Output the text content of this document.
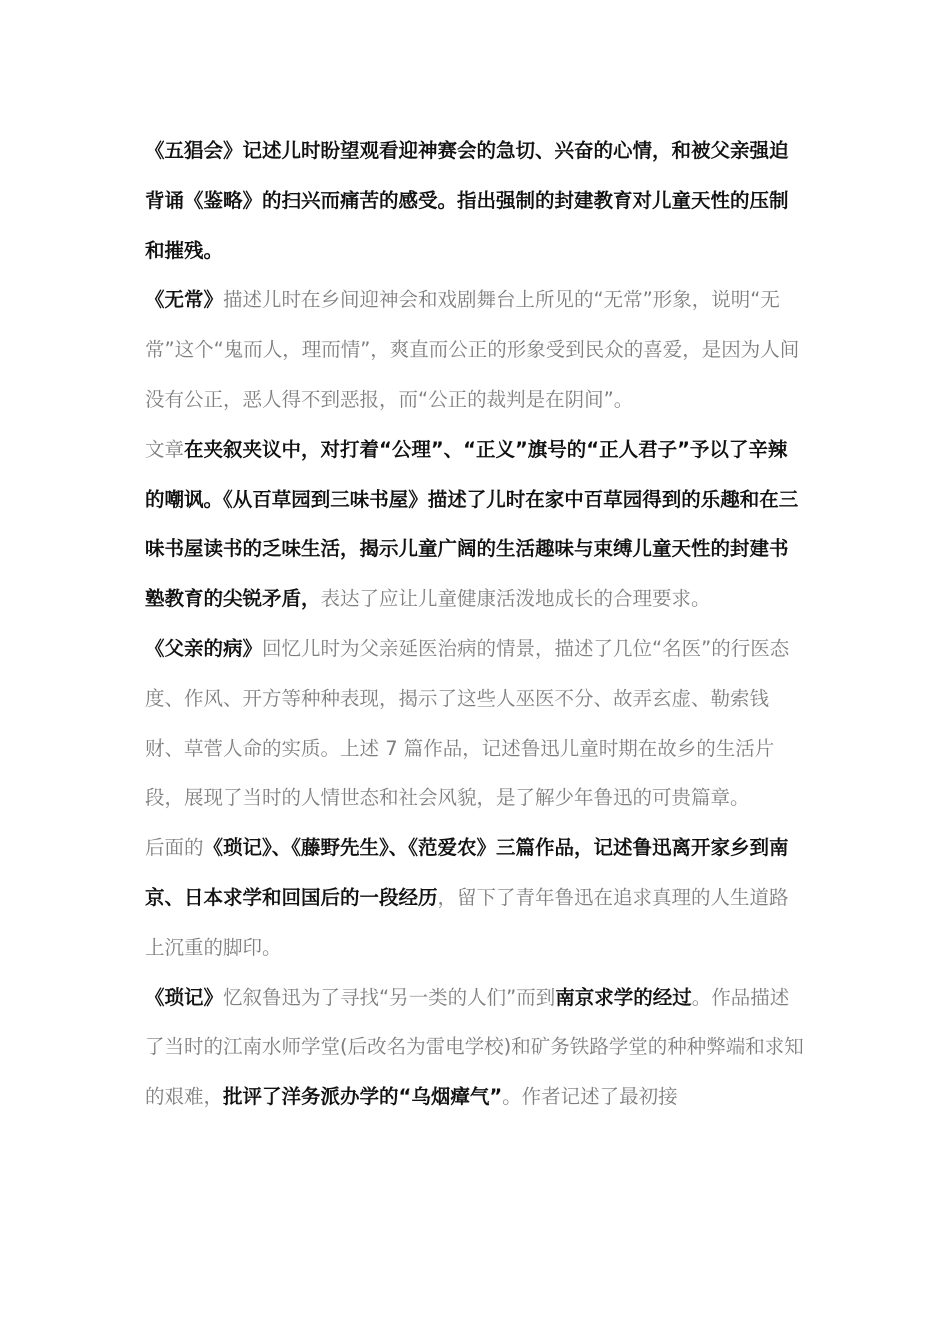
《五猖会》记述儿时盼望观看迎神赛会的急切、兴奋的心情，和被父亲强迫背诵《鉴略》的扫兴而痛苦的感受。指出强制的封建教育对儿童天性的压制和摧残。

《无常》描述儿时在乡间迎神会和戏剧舞台上所见的“无常”形象，说明“无常”这个“鬼而人，理而情”，爽直而公正的形象受到民众的喜爱，是因为人间没有公正，恶人得不到恶报，而“公正的裁判是在阴间”。

文章在夹叙夹议中，对打着“公理”、“正义”旗号的“正人君子”予以了辛辣的嘲讽。《从百草园到三味书屋》描述了儿时在家中百草园得到的乐趣和在三味书屋读书的乏味生活，揭示儿童广阔的生活趣味与束缚儿童天性的封建书塾教育的尖锐矛盾，表达了应让儿童健康活泼地成长的合理要求。

《父亲的病》回忆儿时为父亲延医治病的情景，描述了几位“名医”的行医态度、作风、开方等种种表现，揭示了这些人巫医不分、故弄玄虚、勒索钱财、草菅人命的实质。上述 7 篇作品，记述鲁迅儿童时期在故乡的生活片段，展现了当时的人情世态和社会风貌，是了解少年鲁迅的可贵篇章。

后面的《琐记》、《藤野先生》、《范爱农》三篇作品，记述鲁迅离开家乡到南京、日本求学和回国后的一段经历，留下了青年鲁迅在追求真理的人生道路上沉重的脚印。

《琐记》忆叙鲁迅为了寻找“另一类的人们”而到南京求学的经过。作品描述了当时的江南水师学堂(后改名为雷电学校)和矿务铁路学堂的种种弊端和求知的艰难，批评了洋务派办学的“乌烟瘴气”。作者记述了最初接
